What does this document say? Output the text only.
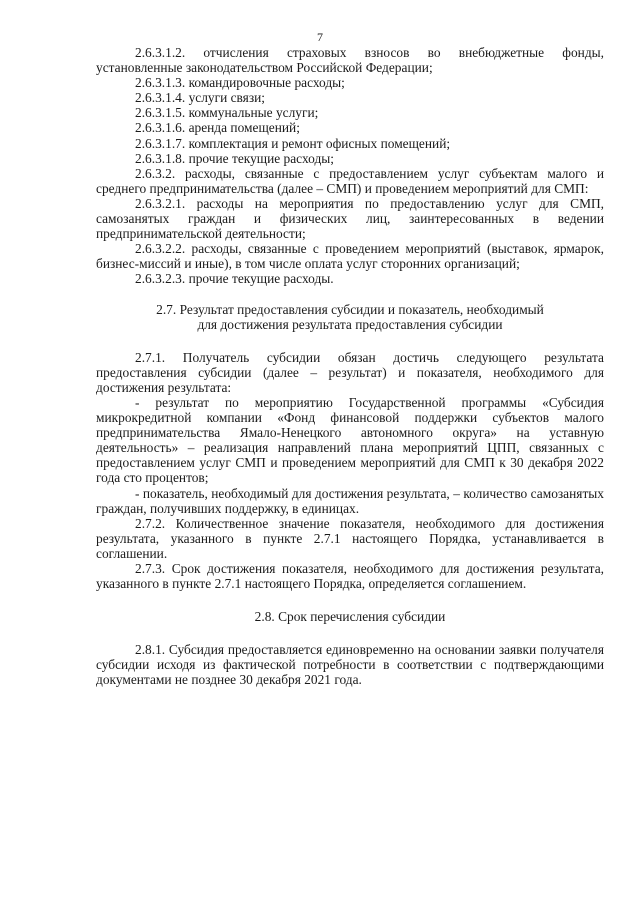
7

2.6.3.1.2. отчисления страховых взносов во внебюджетные фонды, установленные законодательством Российской Федерации;

2.6.3.1.3. командировочные расходы;

2.6.3.1.4. услуги связи;

2.6.3.1.5. коммунальные услуги;

2.6.3.1.6. аренда помещений;

2.6.3.1.7. комплектация и ремонт офисных помещений;

2.6.3.1.8. прочие текущие расходы;

2.6.3.2. расходы, связанные с предоставлением услуг субъектам малого и среднего предпринимательства (далее – СМП) и проведением мероприятий для СМП:

2.6.3.2.1. расходы на мероприятия по предоставлению услуг для СМП, самозанятых граждан и физических лиц, заинтересованных в ведении предпринимательской деятельности;

2.6.3.2.2. расходы, связанные с проведением мероприятий (выставок, ярмарок, бизнес-миссий и иные), в том числе оплата услуг сторонних организаций;

2.6.3.2.3. прочие текущие расходы.

2.7. Результат предоставления субсидии и показатель, необходимый

для достижения результата предоставления субсидии

2.7.1. Получатель субсидии обязан достичь следующего результата предоставления субсидии (далее – результат) и показателя, необходимого для достижения результата:

- результат по мероприятию Государственной программы «Субсидия микрокредитной компании «Фонд финансовой поддержки субъектов малого предпринимательства Ямало-Ненецкого автономного округа» на уставную деятельность» – реализация направлений плана мероприятий ЦПП, связанных с предоставлением услуг СМП и проведением мероприятий для СМП к 30 декабря 2022 года сто процентов;

- показатель, необходимый для достижения результата, – количество самозанятых граждан, получивших поддержку, в единицах.

2.7.2. Количественное значение показателя, необходимого для достижения результата, указанного в пункте 2.7.1 настоящего Порядка, устанавливается в соглашении.

2.7.3. Срок достижения показателя, необходимого для достижения результата, указанного в пункте 2.7.1 настоящего Порядка, определяется соглашением.

2.8. Срок перечисления субсидии

2.8.1. Субсидия предоставляется единовременно на основании заявки получателя субсидии исходя из фактической потребности в соответствии с подтверждающими документами не позднее 30 декабря 2021 года.
